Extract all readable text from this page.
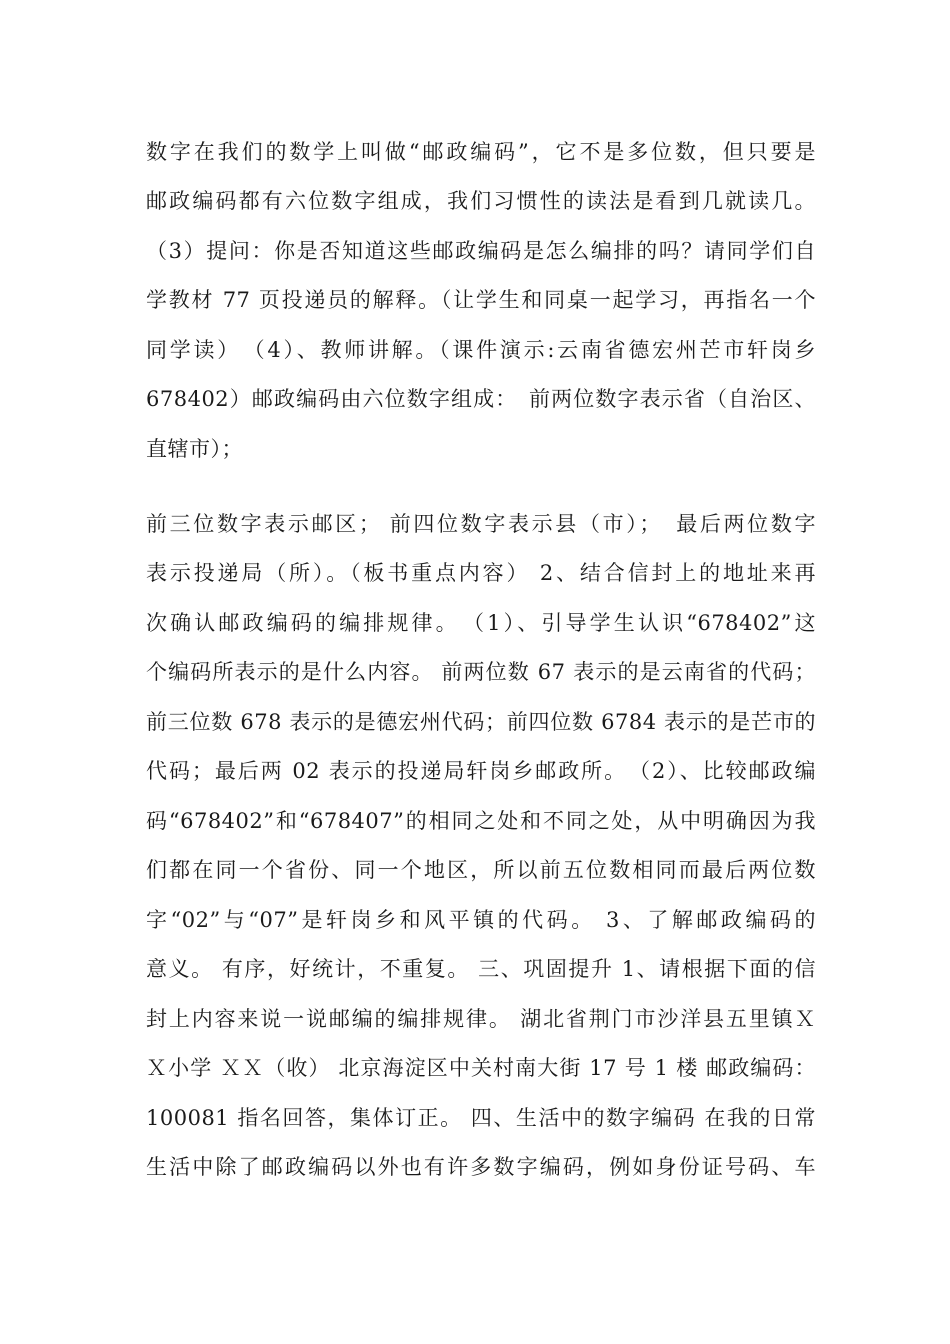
数字在我们的数学上叫做“邮政编码”，它不是多位数，但只要是
邮政编码都有六位数字组成，我们习惯性的读法是看到几就读几。
（3）提问：你是否知道这些邮政编码是怎么编排的吗？请同学们自
学教材 77 页投递员的解释。（让学生和同桌一起学习，再指名一个
同学读）　（4）、教师讲解。（课件演示:云南省德宏州芒市轩岗乡
678402）邮政编码由六位数字组成：　前两位数字表示省（自治区、
直辖市）；
前三位数字表示邮区； 前四位数字表示县（市）；　最后两位数字
表示投递局（所）。（板书重点内容） 2、结合信封上的地址来再
次确认邮政编码的编排规律。　（1）、引导学生认识“678402”这
个编码所表示的是什么内容。 前两位数 67 表示的是云南省的代码；
前三位数 678 表示的是德宏州代码；前四位数 6784 表示的是芒市的
代码；最后两 02 表示的投递局轩岗乡邮政所。　（2）、比较邮政编
码“678402”和“678407”的相同之处和不同之处，从中明确因为我
们都在同一个省份、同一个地区，所以前五位数相同而最后两位数
字“02”与“07”是轩岗乡和风平镇的代码。 3、了解邮政编码的
意义。 有序，好统计，不重复。 三、巩固提升 1、请根据下面的信
封上内容来说一说邮编的编排规律。 湖北省荆门市沙洋县五里镇Ｘ
Ｘ小学 ＸＸ（收） 北京海淀区中关村南大街 17 号 1 楼 邮政编码：
100081 指名回答，集体订正。 四、生活中的数字编码 在我的日常
生活中除了邮政编码以外也有许多数字编码，例如身份证号码、车
